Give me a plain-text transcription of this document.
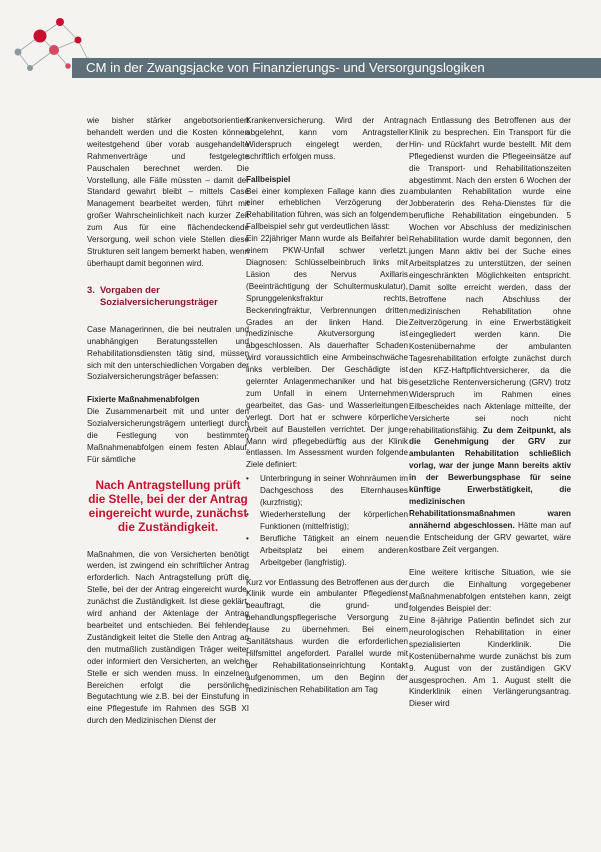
CM in der Zwangsjacke von Finanzierungs- und Versorgungslogiken

wie bisher stärker angebotsorientiert behandelt werden und die Kosten können weitestgehend über vorab ausgehandelte Rahmenverträge und festgelegte Pauschalen berechnet werden. Die Vorstellung, alle Fälle müssten – damit der Standard gewahrt bleibt – mittels Case Management bearbeitet werden, führt mit großer Wahrscheinlichkeit nach kurzer Zeit zum Aus für eine flächendeckende Versorgung, weil schon viele Stellen diese Strukturen seit langem bemerkt haben, wenn überhaupt damit begonnen wird.

3. Vorgaben der Sozialversicherungsträger

Case Managerinnen, die bei neutralen und unabhängigen Beratungsstellen und Rehabilitationsdiensten tätig sind, müssen sich mit den unterschiedlichen Vorgaben der Sozialversicherungsträger befassen:

Fixierte Maßnahmenabfolgen

Die Zusammenarbeit mit und unter den Sozialversicherungsträgern unterliegt durch die Festlegung von bestimmten Maßnahmenabfolgen einem festen Ablauf. Für sämtliche

Nach Antragstellung prüft die Stelle, bei der der Antrag eingereicht wurde, zunächst die Zuständigkeit.

Maßnahmen, die von Versicherten benötigt werden, ist zwingend ein schriftlicher Antrag erforderlich. Nach Antragstellung prüft die Stelle, bei der der Antrag eingereicht wurde, zunächst die Zuständigkeit. Ist diese geklärt, wird anhand der Aktenlage der Antrag bearbeitet und entschieden. Bei fehlender Zuständigkeit leitet die Stelle den Antrag an den mutmaßlich zuständigen Träger weiter oder informiert den Versicherten, an welche Stelle er sich wenden muss. In einzelnen Bereichen erfolgt die persönliche Begutachtung wie z.B. bei der Einstufung in eine Pflegestufe im Rahmen des SGB XI durch den Medizinischen Dienst der

Krankenversicherung. Wird der Antrag abgelehnt, kann vom Antragsteller Widerspruch eingelegt werden, der schriftlich erfolgen muss.

Fallbeispiel

Bei einer komplexen Fallage kann dies zu einer erheblichen Verzögerung der Rehabilitation führen, was sich an folgendem Fallbeispiel sehr gut verdeutlichen lässt:

Ein 22jähriger Mann wurde als Beifahrer bei einem PKW-Unfall schwer verletzt. Diagnosen: Schlüsselbeinbruch links mit Läsion des Nervus Axillaris (Beeinträchtigung der Schultermuskulatur), Sprunggelenksfraktur rechts, Beckenringfraktur, Verbrennungen dritten Grades an der linken Hand. Die medizinische Akutversorgung ist abgeschlossen. Als dauerhafter Schaden wird voraussichtlich eine Armbeinschwäche links verbleiben. Der Geschädigte ist gelernter Anlagenmechaniker und hat bis zum Unfall in einem Unternehmen gearbeitet, das Gas- und Wasserleitungen verlegt. Dort hat er schwere körperliche Arbeit auf Baustellen verrichtet. Der junge Mann wird pflegebedürftig aus der Klinik entlassen. Im Assessment wurden folgende Ziele definiert:

• Unterbringung in seiner Wohnräumen im Dachgeschoss des Elternhauses (kurzfristig);
• Wiederherstellung der körperlichen Funktionen (mittelfristig);
• Berufliche Tätigkeit an einem neuen Arbeitsplatz bei einem anderen Arbeitgeber (langfristig).

Kurz vor Entlassung des Betroffenen aus der Klinik wurde ein ambulanter Pflegedienst beauftragt, die grund- und behandlungspflegerische Versorgung zu Hause zu übernehmen. Bei einem Sanitätshaus wurden die erforderlichen Hilfsmittel angefordert. Parallel wurde mit der Rehabilitationseinrichtung Kontakt aufgenommen, um den Beginn der medizinischen Rehabilitation am Tag

nach Entlassung des Betroffenen aus der Klinik zu besprechen. Ein Transport für die Hin- und Rückfahrt wurde bestellt. Mit dem Pflegedienst wurden die Pflegeeinsätze auf die Transport- und Rehabilitationszeiten abgestimmt. Nach den ersten 6 Wochen der ambulanten Rehabilitation wurde eine Jobberaterin des Reha-Dienstes für die berufliche Rehabilitation eingebunden. 5 Wochen vor Abschluss der medizinischen Rehabilitation wurde damit begonnen, den jungen Mann aktiv bei der Suche eines Arbeitsplatzes zu unterstützen, der seinen eingeschränkten Möglichkeiten entspricht. Damit sollte erreicht werden, dass der Betroffene nach Abschluss der medizinischen Rehabilitation ohne Zeitverzögerung in eine Erwerbstätigkeit eingegliedert werden kann. Die Kostenübernahme der ambulanten Tagesrehabilitation erfolgte zunächst durch den KFZ-Haftpflichtversicherer, da die gesetzliche Rentenversicherung (GRV) trotz Widerspruch im Rahmen eines Eilbescheides nach Aktenlage mitteilte, der Versicherte sei noch nicht rehabilitationsfähig. Zu dem Zeitpunkt, als die Genehmigung der GRV zur ambulanten Rehabilitation schließlich vorlag, war der junge Mann bereits aktiv in der Bewerbungsphase für seine künftige Erwerbstätigkeit, die medizinischen Rehabilitationsmaßnahmen waren annähernd abgeschlossen. Hätte man auf die Entscheidung der GRV gewartet, wäre kostbare Zeit vergangen.

Eine weitere kritische Situation, wie sie durch die Einhaltung vorgegebener Maßnahmenabfolgen entstehen kann, zeigt folgendes Beispiel der:

Eine 8-jährige Patientin befindet sich zur neurologischen Rehabilitation in einer spezialisierten Kinderklinik. Die Kostenübernahme wurde zunächst bis zum 9. August von der zuständigen GKV ausgesprochen. Am 1. August stellt die Kinderklinik einen Verlängerungsantrag. Dieser wird
